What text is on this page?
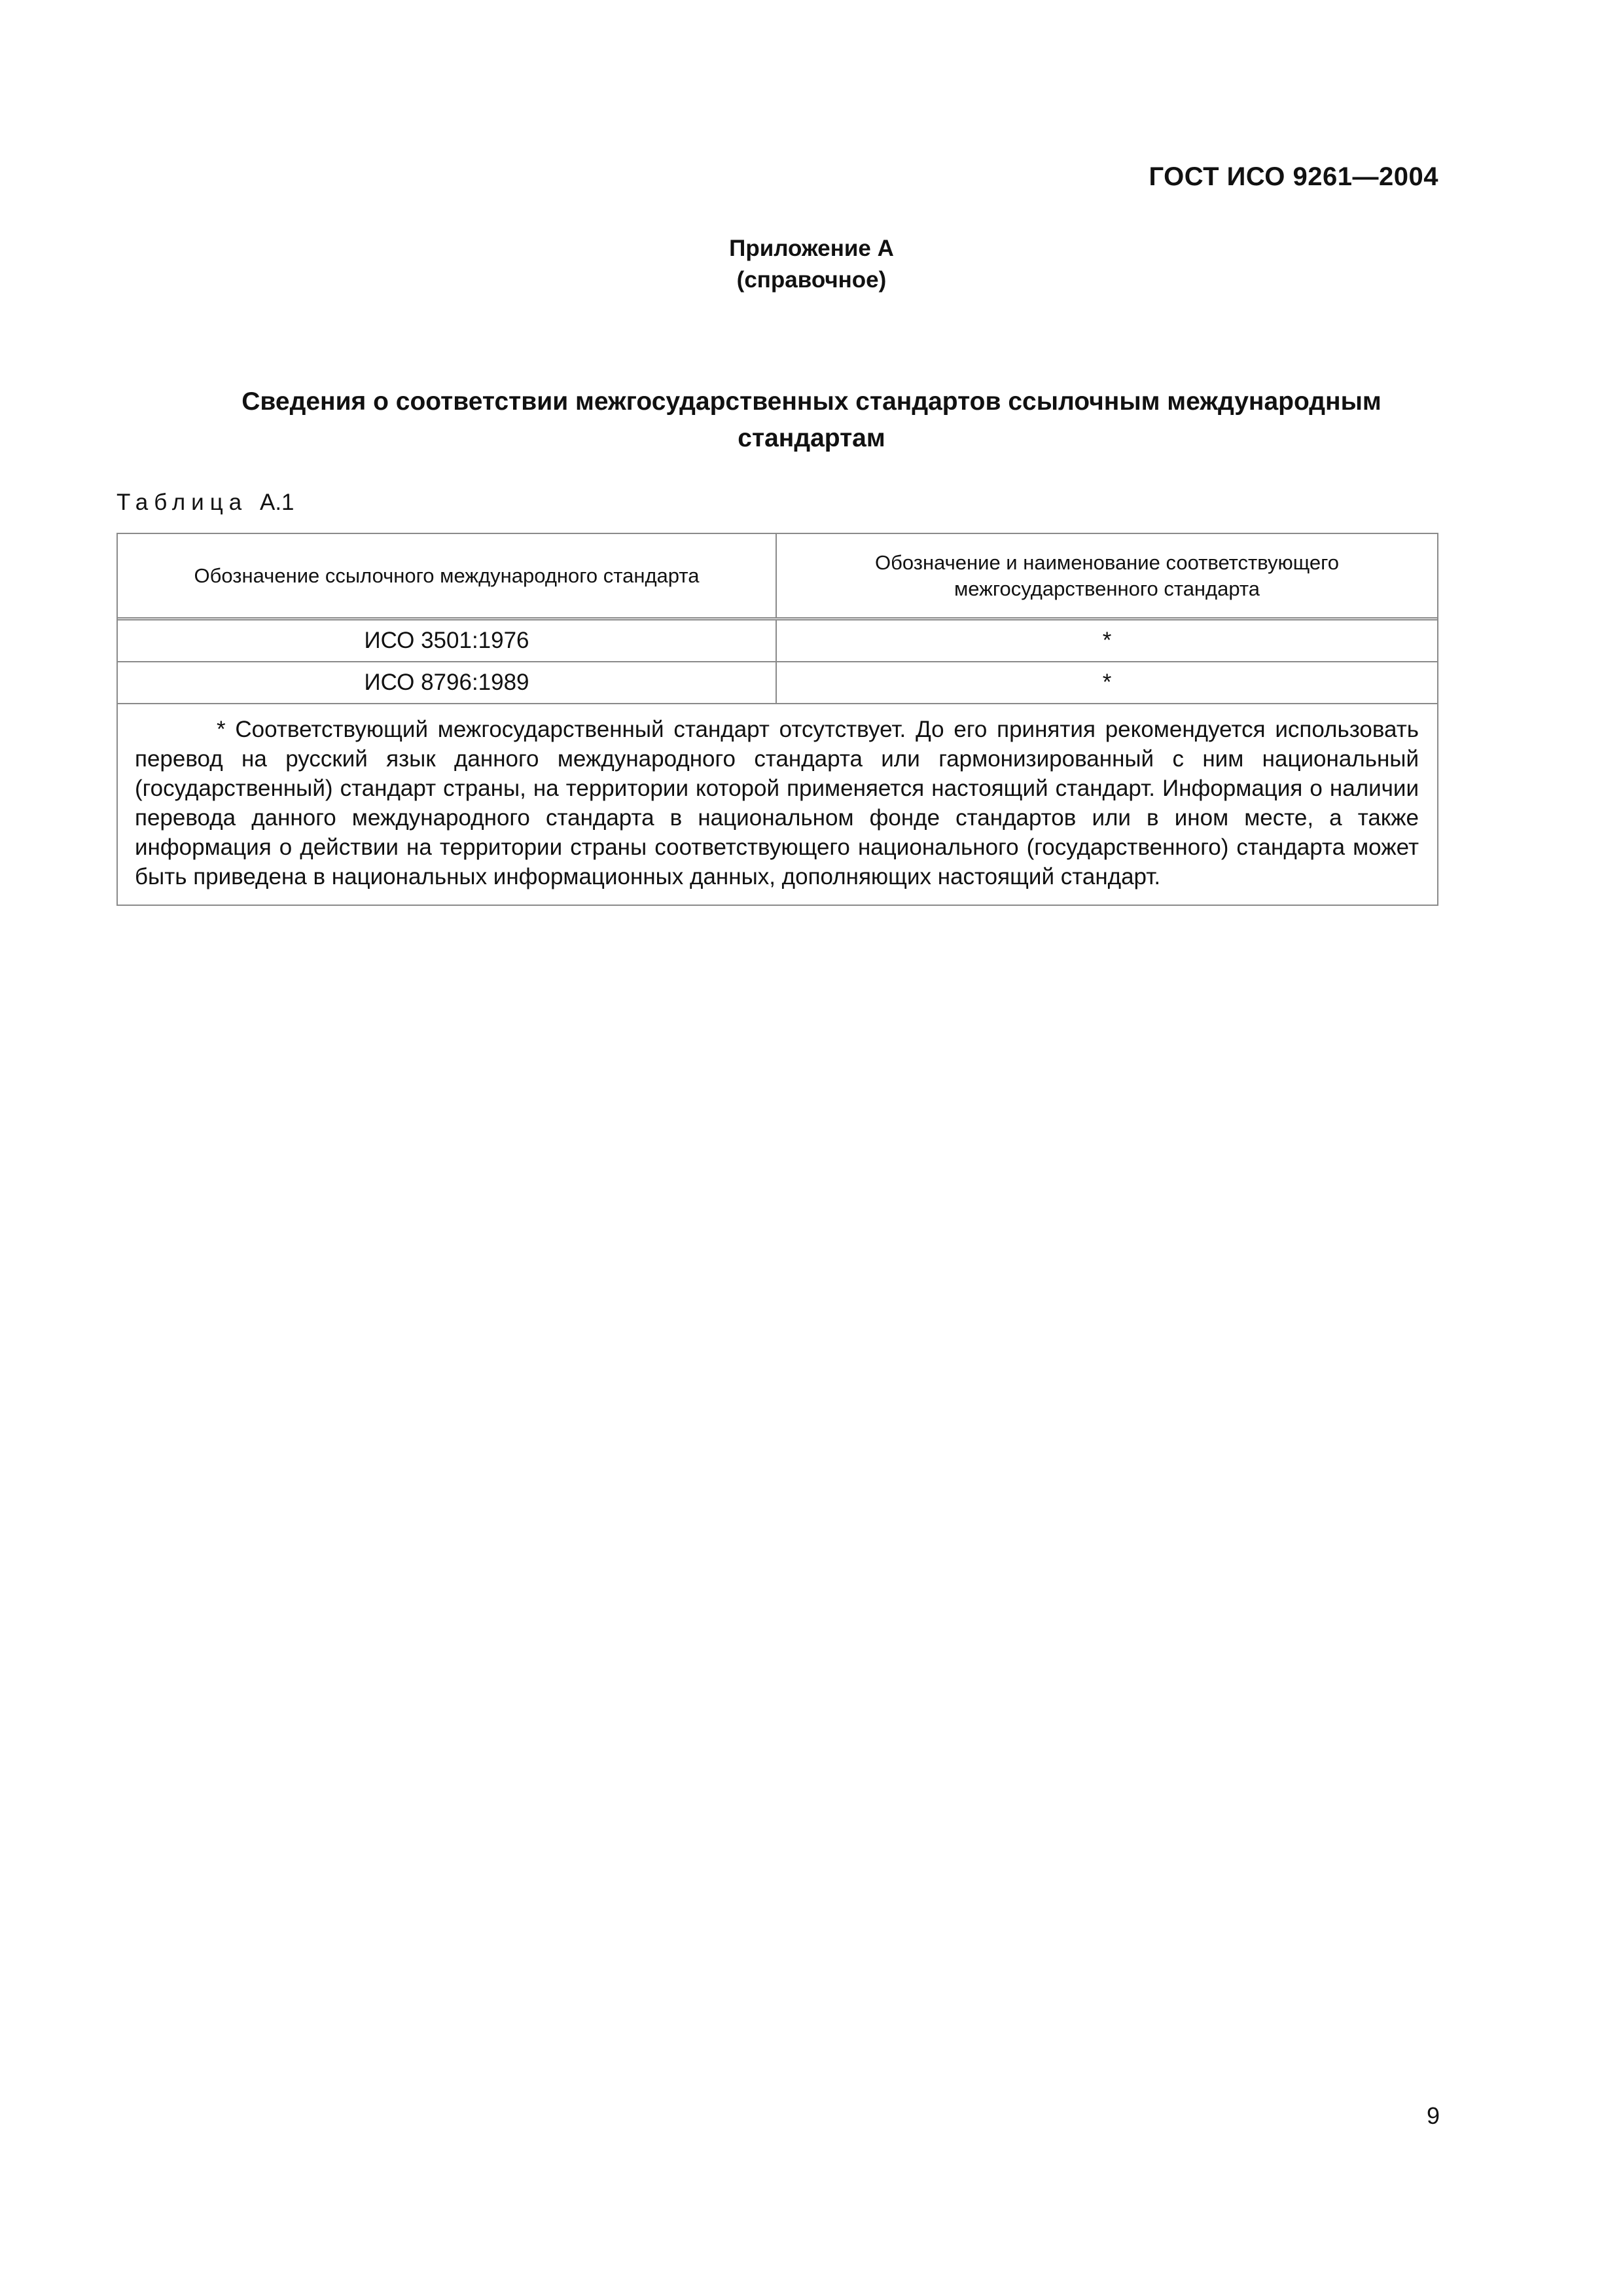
ГОСТ ИСО 9261—2004
Приложение А
(справочное)
Сведения о соответствии межгосударственных стандартов ссылочным международным стандартам
Таблица А.1
Обозначение ссылочного международного стандарта
Обозначение и наименование соответствующего межгосударственного стандарта
ИСО 3501:1976	*
ИСО 8796:1989	*
* Соответствующий межгосударственный стандарт отсутствует. До его принятия рекомендуется использовать перевод на русский язык данного международного стандарта или гармонизированный с ним национальный (государственный) стандарт страны, на территории которой применяется настоящий стандарт. Информация о наличии перевода данного международного стандарта в национальном фонде стандартов или в ином месте, а также информация о действии на территории страны соответствующего национального (государственного) стандарта может быть приведена в национальных информационных данных, дополняющих настоящий стандарт.
9
